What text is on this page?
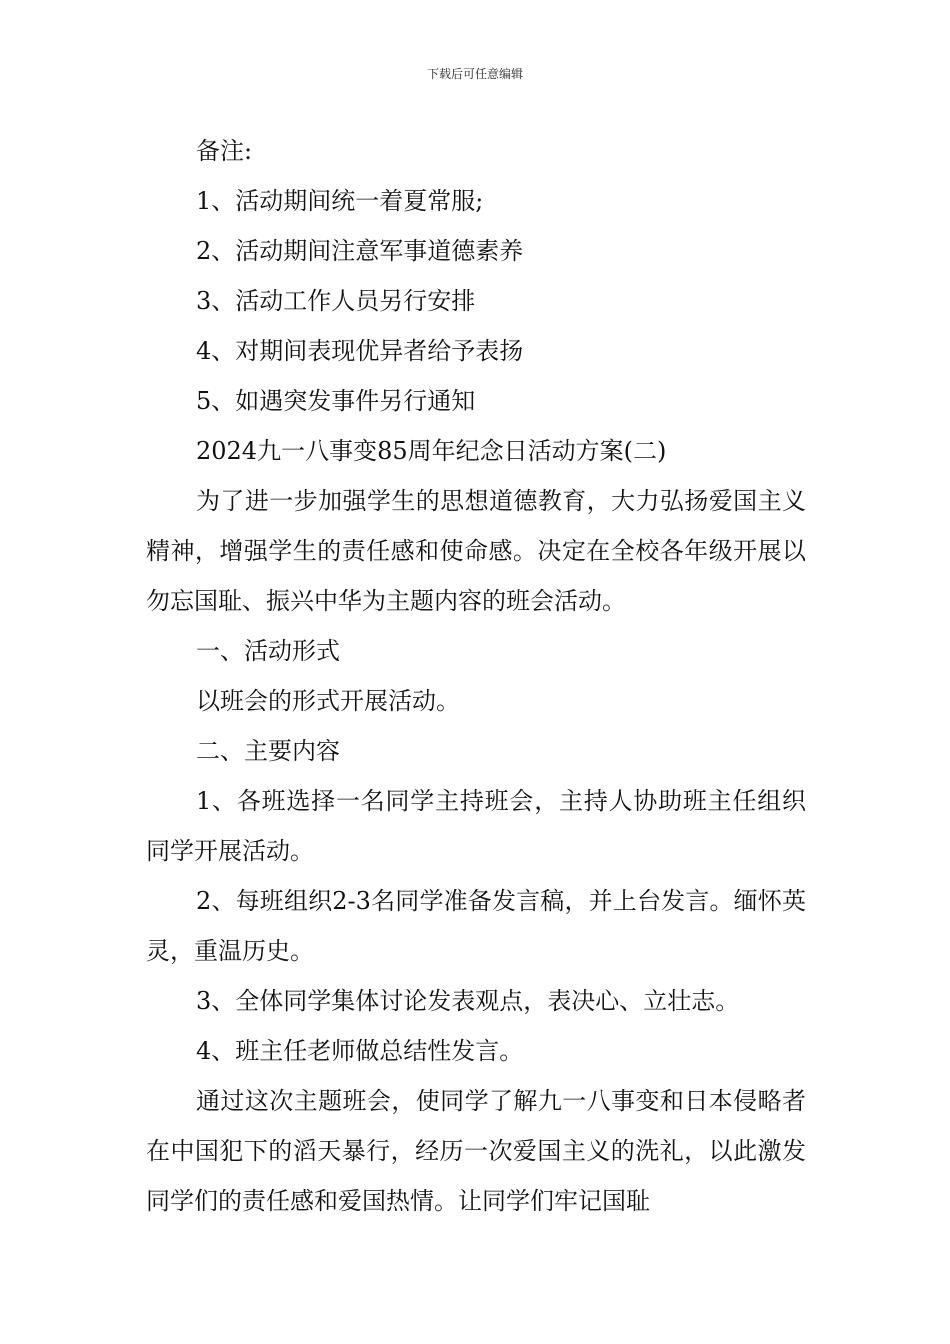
下载后可任意编辑

备注:

1、活动期间统一着夏常服;

2、活动期间注意军事道德素养

3、活动工作人员另行安排

4、对期间表现优异者给予表扬

5、如遇突发事件另行通知

2024九一八事变85周年纪念日活动方案(二)

为了进一步加强学生的思想道德教育，大力弘扬爱国主义精神，增强学生的责任感和使命感。决定在全校各年级开展以勿忘国耻、振兴中华为主题内容的班会活动。

一、活动形式

以班会的形式开展活动。

二、主要内容

1、各班选择一名同学主持班会，主持人协助班主任组织同学开展活动。

2、每班组织2-3名同学准备发言稿，并上台发言。缅怀英灵，重温历史。

3、全体同学集体讨论发表观点，表决心、立壮志。

4、班主任老师做总结性发言。

通过这次主题班会，使同学了解九一八事变和日本侵略者在中国犯下的滔天暴行，经历一次爱国主义的洗礼，以此激发同学们的责任感和爱国热情。让同学们牢记国耻
